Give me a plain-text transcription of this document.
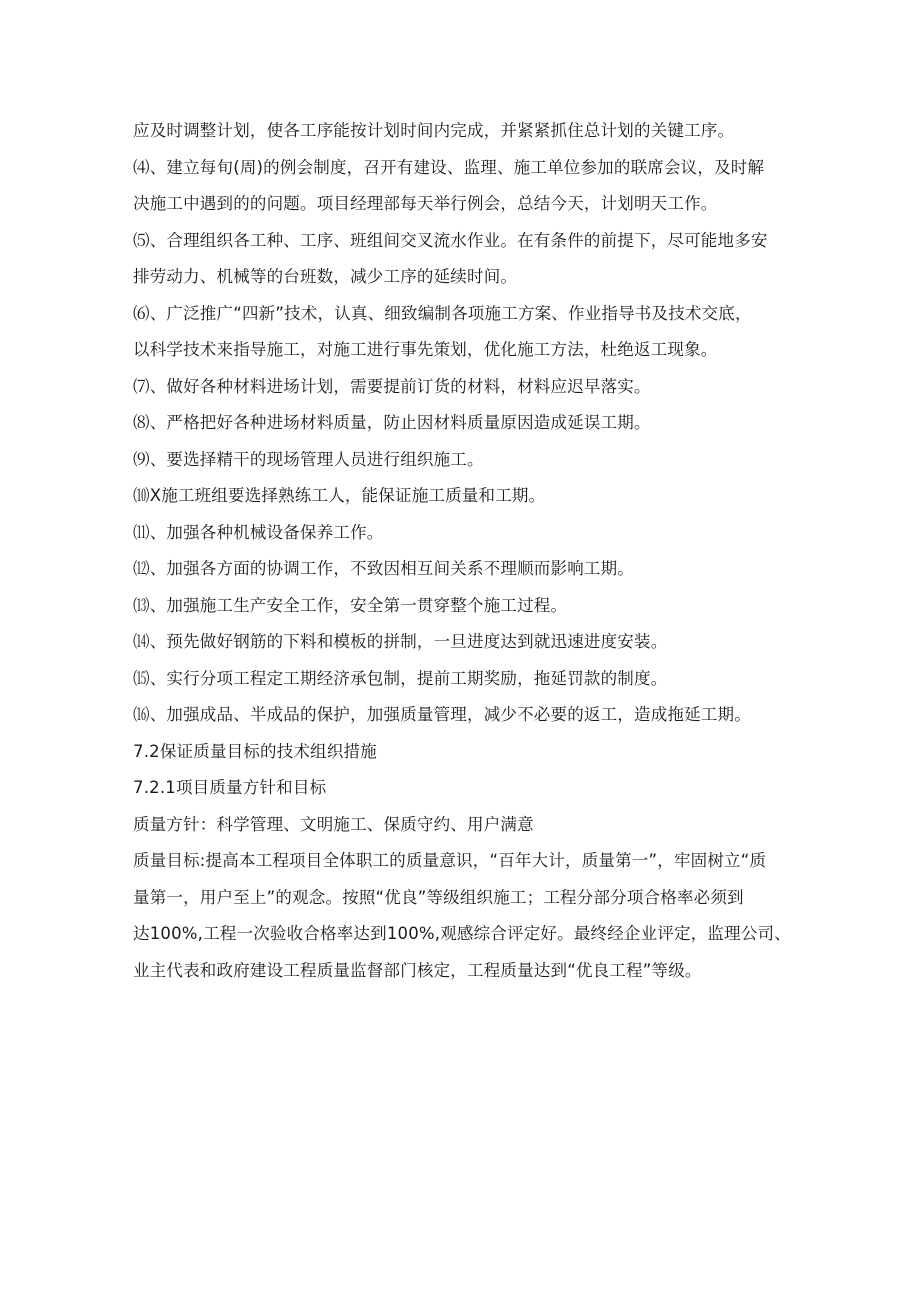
应及时调整计划，使各工序能按计划时间内完成，并紧紧抓住总计划的关键工序。
⑷、建立每旬(周)的例会制度，召开有建设、监理、施工单位参加的联席会议，及时解
决施工中遇到的的问题。项目经理部每天举行例会，总结今天，计划明天工作。
⑸、合理组织各工种、工序、班组间交叉流水作业。在有条件的前提下，尽可能地多安
排劳动力、机械等的台班数，减少工序的延续时间。
⑹、广泛推广“四新”技术，认真、细致编制各项施工方案、作业指导书及技术交底，
以科学技术来指导施工，对施工进行事先策划，优化施工方法，杜绝返工现象。
⑺、做好各种材料进场计划，需要提前订货的材料，材料应迟早落实。
⑻、严格把好各种进场材料质量，防止因材料质量原因造成延误工期。
⑼、要选择精干的现场管理人员进行组织施工。
⑽X施工班组要选择熟练工人，能保证施工质量和工期。
⑾、加强各种机械设备保养工作。
⑿、加强各方面的协调工作，不致因相互间关系不理顺而影响工期。
⒀、加强施工生产安全工作，安全第一贯穿整个施工过程。
⒁、预先做好钢筋的下料和模板的拼制，一旦进度达到就迅速进度安装。
⒂、实行分项工程定工期经济承包制，提前工期奖励，拖延罚款的制度。
⒃、加强成品、半成品的保护，加强质量管理，减少不必要的返工，造成拖延工期。
7.2保证质量目标的技术组织措施
7.2.1项目质量方针和目标
质量方针：科学管理、文明施工、保质守约、用户满意
质量目标:提高本工程项目全体职工的质量意识，“百年大计，质量第一”，牢固树立“质
量第一，用户至上”的观念。按照“优良”等级组织施工；工程分部分项合格率必须到
达100%,工程一次验收合格率达到100%,观感综合评定好。最终经企业评定，监理公司、
业主代表和政府建设工程质量监督部门核定，工程质量达到“优良工程”等级。
